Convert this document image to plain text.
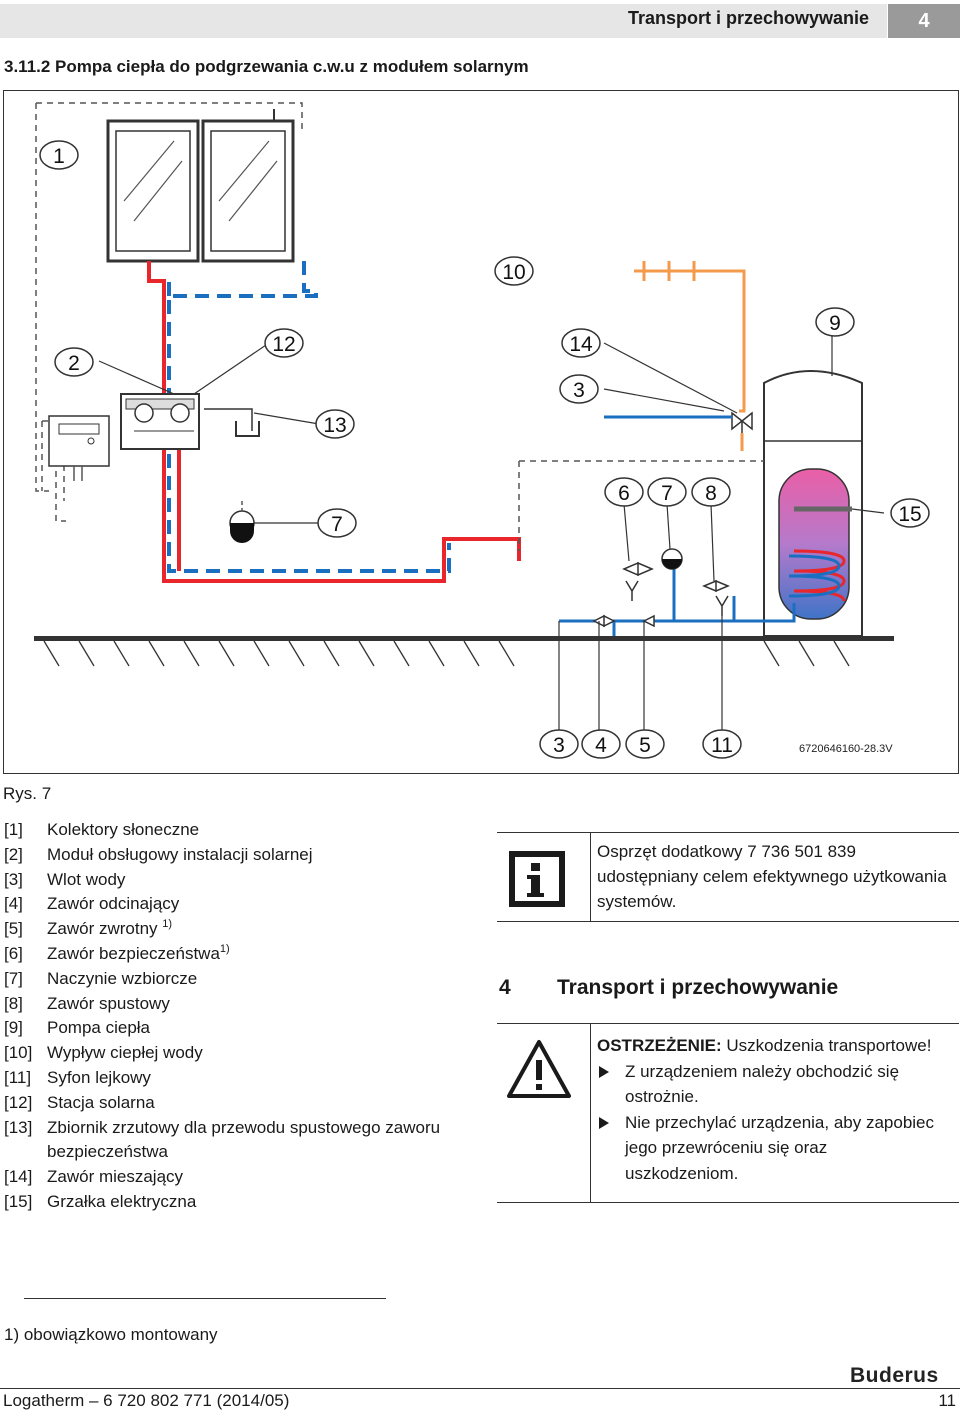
Transport i przechowywanie	4
3.11.2 Pompa ciepła do podgrzewania c.w.u z modułem solarnym
1
2
12
13
7
10
14
3
9
6 7 8
15
3 4 5	11	6720646160-28.3V
Rys. 7
[1]	Kolektory słoneczne
[2]	Moduł obsługowy instalacji solarnej
[3]	Wlot wody
[4]	Zawór odcinający
[5]	Zawór zwrotny $^{1)}$
[6]	Zawór bezpieczeństwa$^{1)}$
[7]	Naczynie wzbiorcze
[8]	Zawór spustowy
[9]	Pompa ciepła
[10] Wypływ ciepłej wody
[11] Syfon lejkowy
[12] Stacja solarna
[13] Zbiornik zrzutowy dla przewodu spustowego zaworu bezpieczeństwa
[14] Zawór mieszający
[15] Grzałka elektryczna
Osprzęt dodatkowy 7 736 501 839 udostępniany celem efektywnego użytkowania systemów.
4 Transport i przechowywanie
OSTRZEŻENIE: Uszkodzenia transportowe!
Z urządzeniem należy obchodzić się ostrożnie.
Nie przechylać urządzenia, aby zapobiec jego przewróceniu się oraz uszkodzeniom.
1) obowiązkowo montowany
Buderus
Logatherm – 6 720 802 771 (2014/05)	11
